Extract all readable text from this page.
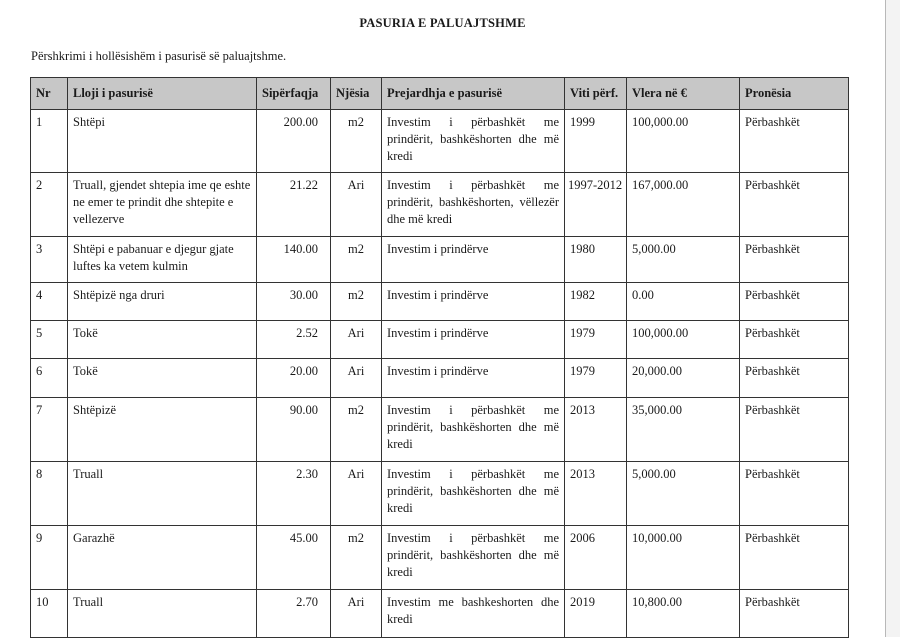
PASURIA E PALUAJTSHME
Përshkrimi i hollësishëm i pasurisë së paluajtshme.
Nr	Lloji i pasurisë	Sipërfaqja	Njësia	Prejardhja e pasurisë	Viti përf.	Vlera në €	Pronësia
1	Shtëpi	200.00	m2	Investim i përbashkët me prindërit, bashkëshorten dhe më kredi	1999	100,000.00	Përbashkët
2	Truall, gjendet shtepia ime qe eshte ne emer te prindit dhe shtepite e vellezerve	21.22	Ari	Investim i përbashkët me prindërit, bashkëshorten, vëllezër dhe më kredi	1997-2012	167,000.00	Përbashkët
3	Shtëpi e pabanuar e djegur gjate luftes ka vetem kulmin	140.00	m2	Investim i prindërve	1980	5,000.00	Përbashkët
4	Shtëpizë nga druri	30.00	m2	Investim i prindërve	1982	0.00	Përbashkët
5	Tokë	2.52	Ari	Investim i prindërve	1979	100,000.00	Përbashkët
6	Tokë	20.00	Ari	Investim i prindërve	1979	20,000.00	Përbashkët
7	Shtëpizë	90.00	m2	Investim i përbashkët me prindërit, bashkëshorten dhe më kredi	2013	35,000.00	Përbashkët
8	Truall	2.30	Ari	Investim i përbashkët me prindërit, bashkëshorten dhe më kredi	2013	5,000.00	Përbashkët
9	Garazhë	45.00	m2	Investim i përbashkët me prindërit, bashkëshorten dhe më kredi	2006	10,000.00	Përbashkët
10	Truall	2.70	Ari	Investim me bashkeshorten dhe kredi	2019	10,800.00	Përbashkët
